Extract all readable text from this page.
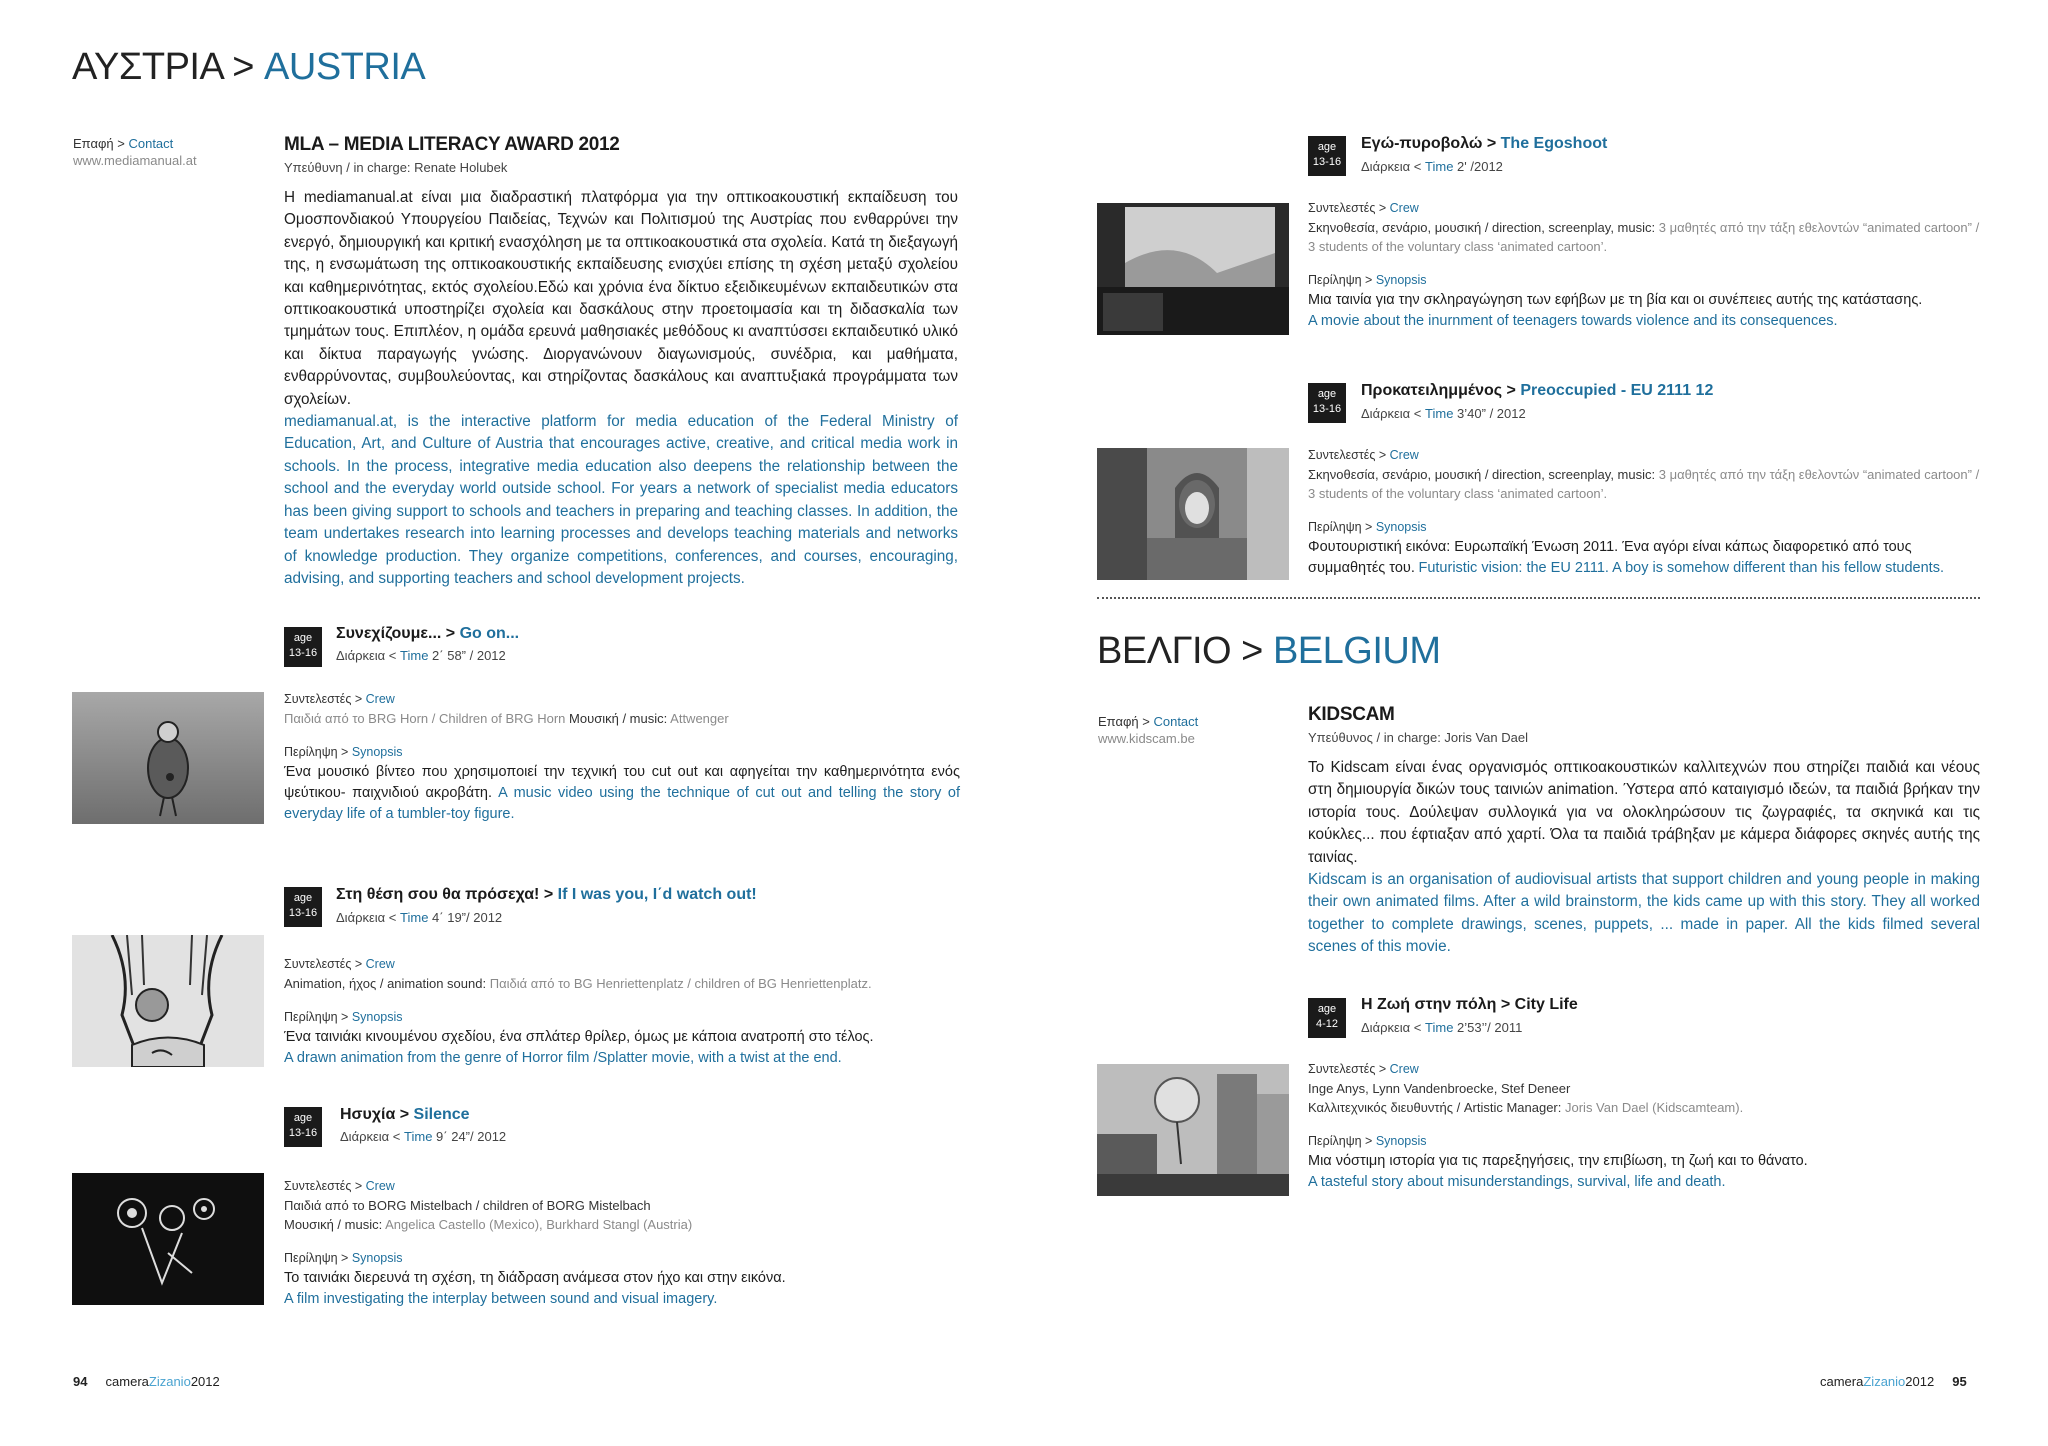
ΑΥΣΤΡΙΑ > AUSTRIA
Επαφή > Contact
www.mediamanual.at
MLA – MEDIA LITERACY AWARD 2012
Υπεύθυνη / in charge: Renate Holubek

Η mediamanual.at είναι μια διαδραστική πλατφόρμα για την οπτικοακουστική εκπαίδευση του Ομοσπονδιακού Υπουργείου Παιδείας, Τεχνών και Πολιτισμού της Αυστρίας που ενθαρρύνει την ενεργό, δημιουργική και κριτική ενασχόληση με τα οπτικοακουστικά στα σχολεία. Κατά τη διεξαγωγή της, η ενσωμάτωση της οπτικοακουστικής εκπαίδευσης ενισχύει επίσης τη σχέση μεταξύ σχολείου και καθημερινότητας, εκτός σχολείου.Εδώ και χρόνια ένα δίκτυο εξειδικευμένων εκπαιδευτικών στα οπτικοακουστικά υποστηρίζει σχολεία και δασκάλους στην προετοιμασία και τη διδασκαλία των τμημάτων τους. Επιπλέον, η ομάδα ερευνά μαθησιακές μεθόδους κι αναπτύσσει εκπαιδευτικό υλικό και δίκτυα παραγωγής γνώσης. Διοργανώνουν διαγωνισμούς, συνέδρια, και μαθήματα, ενθαρρύνοντας, συμβουλεύοντας, και στηρίζοντας δασκάλους και αναπτυξιακά προγράμματα των σχολείων.

mediamanual.at, is the interactive platform for media education of the Federal Ministry of Education, Art, and Culture of Austria that encourages active, creative, and critical media work in schools. In the process, integrative media education also deepens the relationship between the school and the everyday world outside school. For years a network of specialist media educators has been giving support to schools and teachers in preparing and teaching classes. In addition, the team undertakes research into learning processes and develops teaching materials and networks of knowledge production. They organize competitions, conferences, and courses, encouraging, advising, and supporting teachers and school development projects.

age
13-16
Συνεχίζουμε... > Go on...
Διάρκεια < Time 2΄ 58” / 2012
Συντελεστές > Crew
Παιδιά από το BRG Horn / Children of BRG Horn Μουσική / music: Attwenger
Περίληψη > Synopsis
Ένα μουσικό βίντεο που χρησιμοποιεί την τεχνική του cut out και αφηγείται την καθημερινότητα ενός ψεύτικου- παιχνιδιού ακροβάτη. A music video using the technique of cut out and telling the story of everyday life of a tumbler-toy figure.
age
13-16
Στη θέση σου θα πρόσεχα! > If I was you, I΄d watch out!
Διάρκεια < Time 4΄ 19”/ 2012
Συντελεστές > Crew
Animation, ήχος / animation sound: Παιδιά από το BG Henriettenplatz / children of BG Henriettenplatz.
Περίληψη > Synopsis
Ένα ταινιάκι κινουμένου σχεδίου, ένα σπλάτερ θρίλερ, όμως με κάποια ανατροπή στο τέλος.
A drawn animation from the genre of Horror film /Splatter movie, with a twist at the end.
age
13-16
Ησυχία > Silence
Διάρκεια < Time 9΄ 24”/ 2012
Συντελεστές > Crew
Παιδιά από το BORG Mistelbach / children of BORG Mistelbach
Μουσική / music: Angelica Castello (Mexico), Burkhard Stangl (Austria)
Περίληψη > Synopsis
Το ταινιάκι διερευνά τη σχέση, τη διάδραση ανάμεσα στον ήχο και στην εικόνα.
A film investigating the interplay between sound and visual imagery.
94 cameraZizanio2012
age
13-16
Εγώ-πυροβολώ > The Egoshoot
Διάρκεια < Time 2' /2012
Συντελεστές > Crew
Σκηνοθεσία, σενάριο, μουσική / direction, screenplay, music: 3 μαθητές από την τάξη εθελοντών “animated cartoon” / 3 students of the voluntary class ‘animated cartoon’.
Περίληψη > Synopsis
Μια ταινία για την σκληραγώγηση των εφήβων με τη βία και οι συνέπειες αυτής της κατάστασης.
A movie about the inurnment of teenagers towards violence and its consequences.
age
13-16
Προκατειλημμένος > Preoccupied - EU 2111 12
Διάρκεια < Time 3’40” / 2012
Συντελεστές > Crew
Σκηνοθεσία, σενάριο, μουσική / direction, screenplay, music: 3 μαθητές από την τάξη εθελοντών “animated cartoon” / 3 students of the voluntary class ‘animated cartoon’.
Περίληψη > Synopsis
Φουτουριστική εικόνα: Ευρωπαϊκή Ένωση 2011. Ένα αγόρι είναι κάπως διαφορετικό από τους συμμαθητές του. Futuristic vision: the EU 2111. A boy is somehow different than his fellow students.
ΒΕΛΓΙΟ > BELGIUM
Επαφή > Contact
www.kidscam.be
KIDSCAM
Υπεύθυνος / in charge: Joris Van Dael

Το Kidscam είναι ένας οργανισμός οπτικοακουστικών καλλιτεχνών που στηρίζει παιδιά και νέους στη δημιουργία δικών τους ταινιών animation. Ύστερα από καταιγισμό ιδεών, τα παιδιά βρήκαν την ιστορία τους. Δούλεψαν συλλογικά για να ολοκληρώσουν τις ζωγραφιές, τα σκηνικά και τις κούκλες... που έφτιαξαν από χαρτί. Όλα τα παιδιά τράβηξαν με κάμερα διάφορες σκηνές αυτής της ταινίας.

Kidscam is an organisation of audiovisual artists that support children and young people in making their own animated films. After a wild brainstorm, the kids came up with this story. They all worked together to complete drawings, scenes, puppets, ... made in paper. All the kids filmed several scenes of this movie.

age
4-12
Η Ζωή στην πόλη > City Life
Διάρκεια < Time 2’53’’/ 2011
Συντελεστές > Crew
Inge Anys, Lynn Vandenbroecke, Stef Deneer
Καλλιτεχνικός διευθυντής / Artistic Manager: Joris Van Dael (Kidscamteam).
Περίληψη > Synopsis
Μια νόστιμη ιστορία για τις παρεξηγήσεις, την επιβίωση, τη ζωή και το θάνατο.
A tasteful story about misunderstandings, survival, life and death.
cameraZizanio2012 95
